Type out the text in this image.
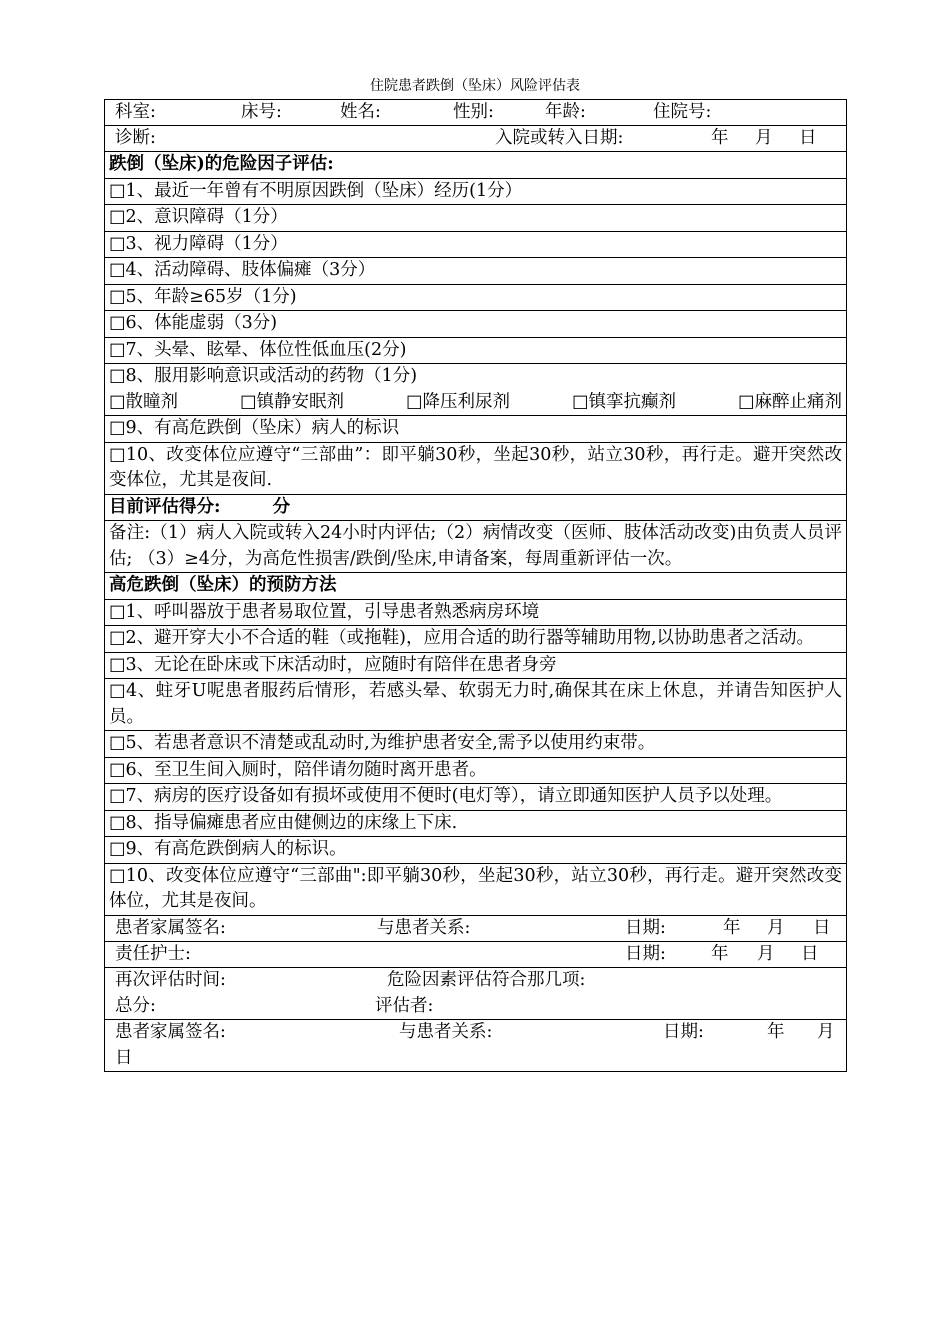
住院患者跌倒（坠床）风险评估表
科室:	床号:	姓名:	性别:	年龄:	住院号:

诊断:	入院或转入日期:	年 月 日

跌倒（坠床)的危险因子评估:
□1、最近一年曾有不明原因跌倒（坠床）经历(1分）
□2、意识障碍（1分）
□3、视力障碍（1分）
□4、活动障碍、肢体偏瘫（3分）
□5、年龄≥65岁（1分)
□6、体能虚弱（3分)
□7、头晕、眩晕、体位性低血压(2分)

□8、服用影响意识或活动的药物（1分)
□散瞳剂	□镇静安眠剂	□降压利尿剂	□镇挛抗癫剂	□麻醉止痛剂

□9、有高危跌倒（坠床）病人的标识
□10、改变体位应遵守“三部曲”：即平躺30秒，坐起30秒，站立30秒，再行走。避开突然改变体位，尤其是夜间.
目前评估得分:	分
备注:（1）病人入院或转入24小时内评估;（2）病情改变（医师、肢体活动改变)由负责人员评估; （3）≥4分，为高危性损害/跌倒/坠床,申请备案，每周重新评估一次。
高危跌倒（坠床）的预防方法
□1、呼叫器放于患者易取位置，引导患者熟悉病房环境
□2、避开穿大小不合适的鞋（或拖鞋)，应用合适的助行器等辅助用物,以协助患者之活动。
□3、无论在卧床或下床活动时，应随时有陪伴在患者身旁
□4、蛀牙U呢患者服药后情形，若感头晕、软弱无力时,确保其在床上休息，并请告知医护人员。
□5、若患者意识不清楚或乱动时,为维护患者安全,需予以使用约束带。
□6、至卫生间入厕时，陪伴请勿随时离开患者。
□7、病房的医疗设备如有损坏或使用不便时(电灯等），请立即通知医护人员予以处理。
□8、指导偏瘫患者应由健侧边的床缘上下床.
□9、有高危跌倒病人的标识。
□10、改变体位应遵守“三部曲":即平躺30秒，坐起30秒，站立30秒，再行走。避开突然改变体位，尤其是夜间。

患者家属签名:	与患者关系:	日期:	年 月 日

责任护士:	日期:	年 月 日

再次评估时间:	危险因素评估符合那几项:
总分:	评估者:

患者家属签名:	与患者关系:	日期:	年 月
日
